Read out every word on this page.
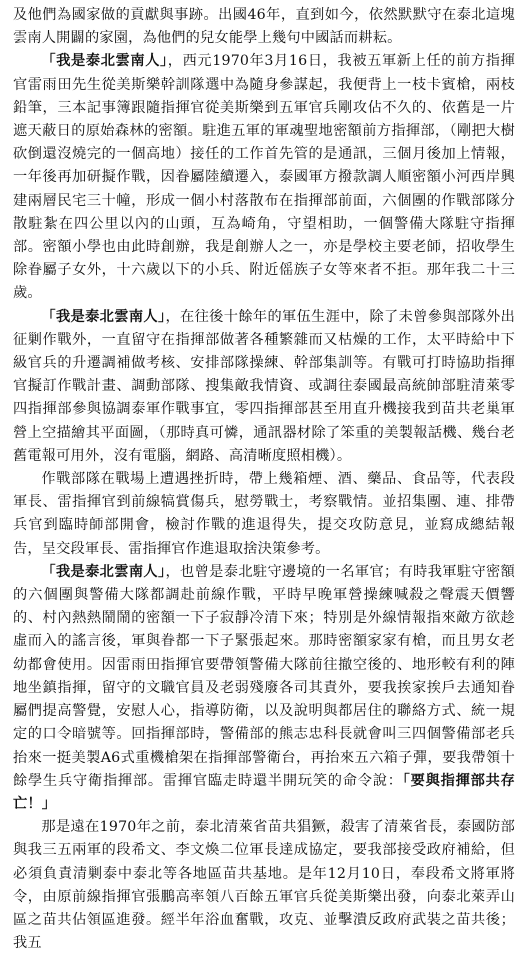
及他們為國家做的貢獻與事跡。出國46年，直到如今，依然默默守在泰北這塊雲南人開闢的家園，為他們的兒女能學上幾句中國話而耕耘。

「我是泰北雲南人」，西元1970年3月16日，我被五軍新上任的前方指揮官雷雨田先生從美斯樂幹訓隊選中為隨身參謀起，我便背上一枝卡賓槍，兩枝鉛筆，三本記事簿跟隨指揮官從美斯樂到五軍官兵剛攻佔不久的、依舊是一片遮天蔽日的原始森林的密額。駐進五軍的軍魂聖地密額前方指揮部，（剛把大樹砍倒還沒燒完的一個高地）接任的工作首先管的是通訊，三個月後加上情報，一年後再加研擬作戰，因眷屬陸續遷入，泰國軍方撥款調人順密額小河西岸興建兩層民宅三十幢，形成一個小村落散布在指揮部前面，六個團的作戰部隊分散駐紮在四公里以內的山頭，互為崎角，守望相助，一個警備大隊駐守指揮部。密額小學也由此時創辦，我是創辦人之一，亦是學校主要老師，招收學生除眷屬子女外，十六歲以下的小兵、附近傜族子女等來者不拒。那年我二十三歲。

「我是泰北雲南人」，在往後十餘年的軍伍生涯中，除了未曾參與部隊外出征剿作戰外，一直留守在指揮部做著各種繁雜而又枯燥的工作，太平時給中下級官兵的升遷調補做考核、安排部隊操練、幹部集訓等。有戰可打時協助指揮官擬訂作戰計畫、調動部隊、搜集敵我情資、或調往泰國最高統帥部駐清萊零四指揮部參與協調泰軍作戰事宜，零四指揮部甚至用直升機接我到苗共老巢軍營上空描繪其平面圖，（那時真可憐，通訊器材除了笨重的美製報話機、幾台老舊電報可用外，沒有電腦，網路、高清晰度照相機）。

作戰部隊在戰場上遭遇挫折時，帶上幾箱煙、酒、藥品、食品等，代表段軍長、雷指揮官到前線犒賞傷兵，慰勞戰士，考察戰情。並招集團、連、排帶兵官到臨時師部開會，檢討作戰的進退得失，提交攻防意見，並寫成總結報告，呈交段軍長、雷指揮官作進退取捨決策參考。

「我是泰北雲南人」，也曾是泰北駐守邊境的一名軍官；有時我軍駐守密額的六個團與警備大隊都調赴前線作戰，平時早晚軍營操練喊殺之聲震天價響的、村內熱熱鬧鬧的密額一下子寂靜冷清下來；特別是外線情報指來敵方欲趁虛而入的謠言後，軍與眷都一下子緊張起來。那時密額家家有槍，而且男女老幼都會使用。因雷雨田指揮官要帶領警備大隊前往撤空後的、地形較有利的陣地坐鎮指揮，留守的文職官員及老弱殘廢各司其責外，要我挨家挨戶去通知眷屬們提高警覺，安慰人心，指導防衛，以及說明與都居住的聯絡方式、統一規定的口令暗號等。回指揮部時，警備部的熊志忠科長就會叫三四個警備部老兵抬來一挺美製A6式重機槍架在指揮部警衛台，再抬來五六箱子彈，要我帶領十餘學生兵守衛指揮部。雷揮官臨走時還半開玩笑的命令說：「要與指揮部共存亡！」

那是遠在1970年之前，泰北清萊省苗共猖獗，殺害了清萊省長，泰國防部與我三五兩軍的段希文、李文煥二位軍長達成協定，要我部接受政府補給，但必須負責清剿泰中泰北等各地區苗共基地。是年12月10日，奉段希文將軍將令，由原前線指揮官張鵬高率領八百餘五軍官兵從美斯樂出發，向泰北萊弄山區之苗共佔領區進發。經半年浴血奮戰，攻克、並擊潰反政府武裝之苗共後；我五
